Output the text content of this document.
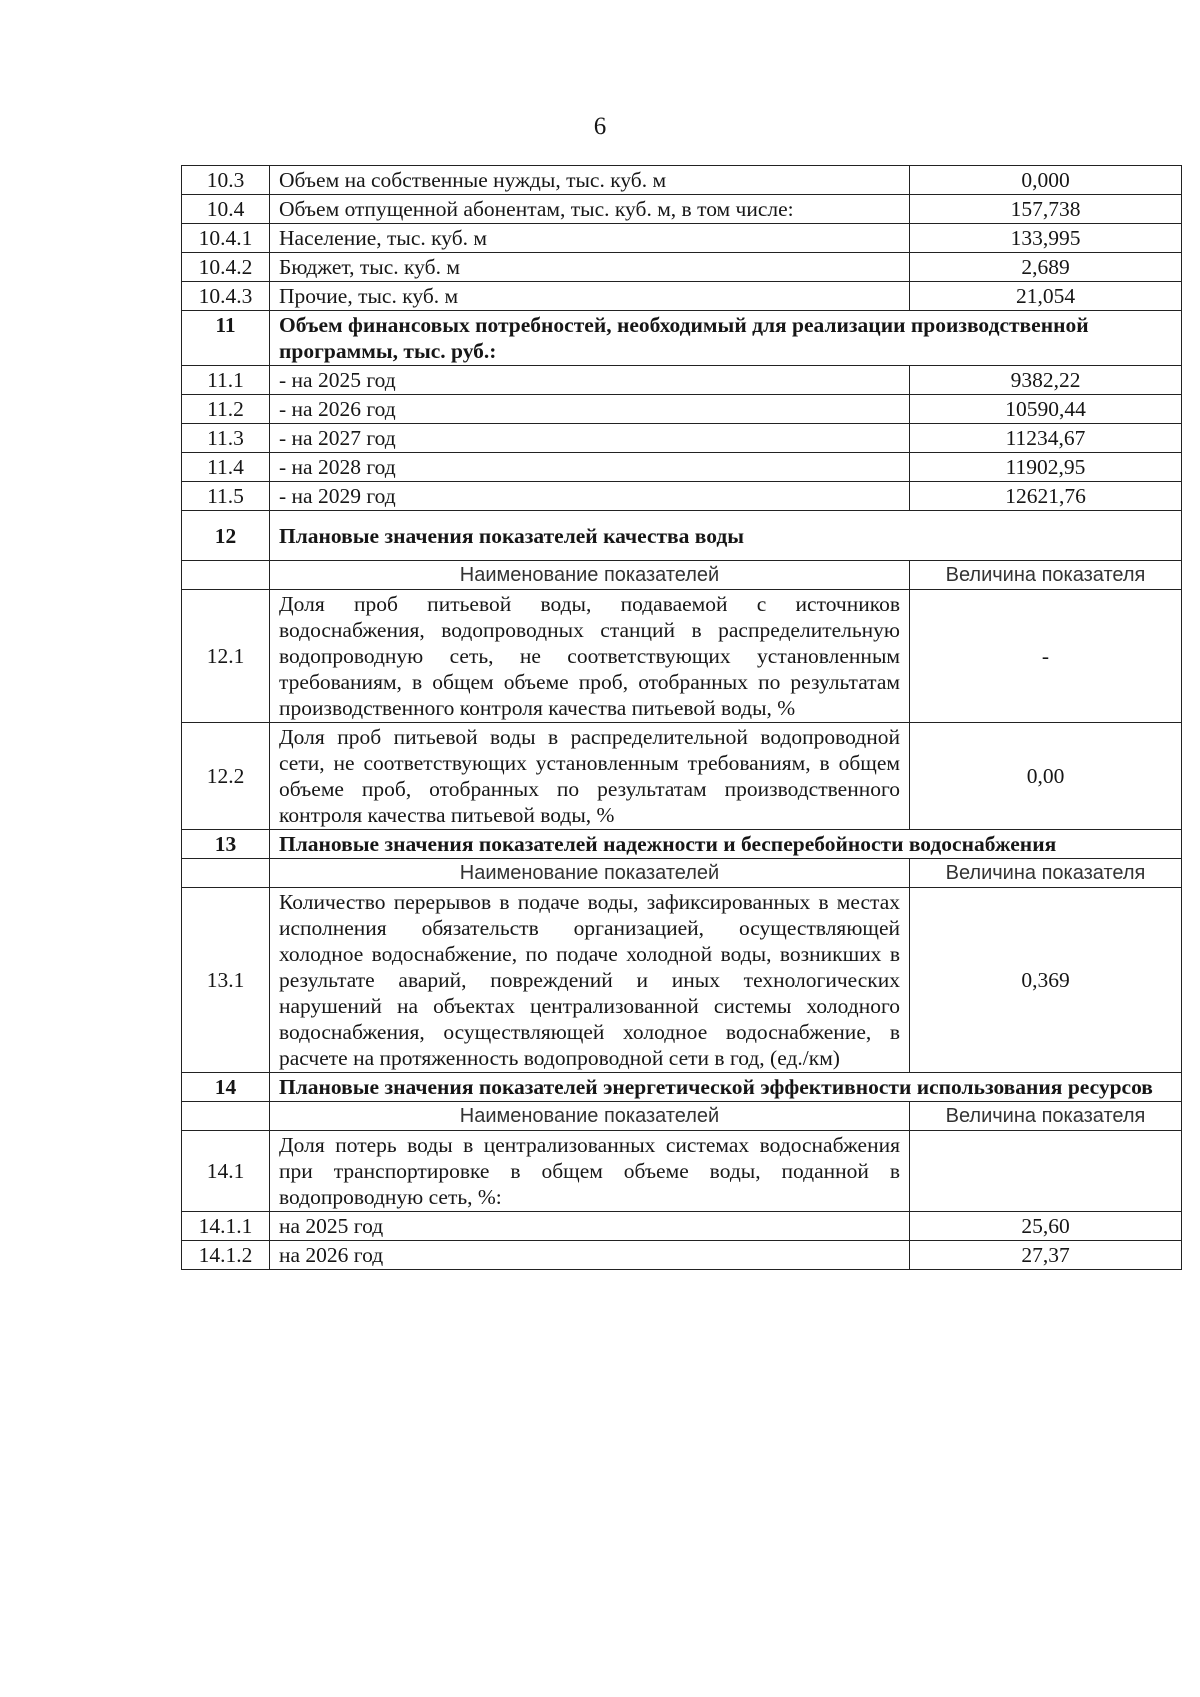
6
10.3	Объем на собственные нужды, тыс. куб. м	0,000
10.4	Объем отпущенной абонентам, тыс. куб. м, в том числе:	157,738
10.4.1	Население, тыс. куб. м	133,995
10.4.2	Бюджет, тыс. куб. м	2,689
10.4.3	Прочие, тыс. куб. м	21,054
11	Объем финансовых потребностей, необходимый для реализации производственной программы, тыс. руб.:	
11.1	- на 2025 год	9382,22
11.2	- на 2026 год	10590,44
11.3	- на 2027 год	11234,67
11.4	- на 2028 год	11902,95
11.5	- на 2029 год	12621,76
12	Плановые значения показателей качества воды	
	Наименование показателей	Величина показателя
12.1	Доля проб питьевой воды, подаваемой с источников водоснабжения, водопроводных станций в распределительную водопроводную сеть, не соответствующих установленным требованиям, в общем объеме проб, отобранных по результатам производственного контроля качества питьевой воды, %	-
12.2	Доля проб питьевой воды в распределительной водопроводной сети, не соответствующих установленным требованиям, в общем объеме проб, отобранных по результатам производственного контроля качества питьевой воды, %	0,00
13	Плановые значения показателей надежности и бесперебойности водоснабжения	
	Наименование показателей	Величина показателя
13.1	Количество перерывов в подаче воды, зафиксированных в местах исполнения обязательств организацией, осуществляющей холодное водоснабжение, по подаче холодной воды, возникших в результате аварий, повреждений и иных технологических нарушений на объектах централизованной системы холодного водоснабжения, осуществляющей холодное водоснабжение, в расчете на протяженность водопроводной сети в год, (ед./км)	0,369
14	Плановые значения показателей энергетической эффективности использования ресурсов	
	Наименование показателей	Величина показателя
14.1	Доля потерь воды в централизованных системах водоснабжения при транспортировке в общем объеме воды, поданной в водопроводную сеть, %:	
14.1.1	на 2025 год	25,60
14.1.2	на 2026 год	27,37
